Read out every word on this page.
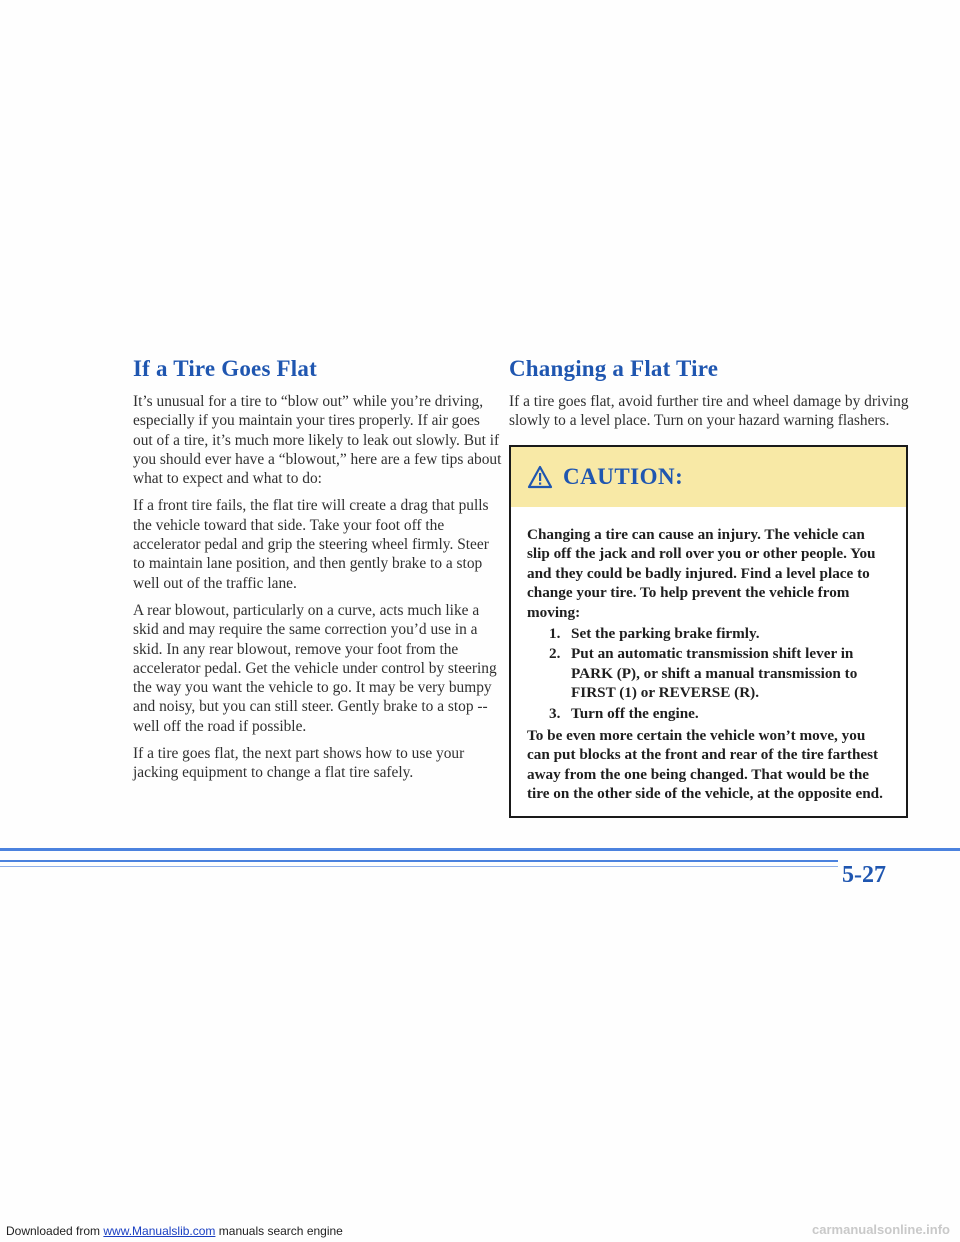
If a Tire Goes Flat

It’s unusual for a tire to “blow out” while you’re driving, especially if you maintain your tires properly. If air goes out of a tire, it’s much more likely to leak out slowly. But if you should ever have a “blowout,” here are a few tips about what to expect and what to do:

If a front tire fails, the flat tire will create a drag that pulls the vehicle toward that side. Take your foot off the accelerator pedal and grip the steering wheel firmly. Steer to maintain lane position, and then gently brake to a stop well out of the traffic lane.

A rear blowout, particularly on a curve, acts much like a skid and may require the same correction you’d use in a skid. In any rear blowout, remove your foot from the accelerator pedal. Get the vehicle under control by steering the way you want the vehicle to go. It may be very bumpy and noisy, but you can still steer. Gently brake to a stop -- well off the road if possible.

If a tire goes flat, the next part shows how to use your jacking equipment to change a flat tire safely.

Changing a Flat Tire

If a tire goes flat, avoid further tire and wheel damage by driving slowly to a level place. Turn on your hazard warning flashers.

CAUTION:

Changing a tire can cause an injury. The vehicle can slip off the jack and roll over you or other people. You and they could be badly injured. Find a level place to change your tire. To help prevent the vehicle from moving:

1. Set the parking brake firmly.
2. Put an automatic transmission shift lever in PARK (P), or shift a manual transmission to FIRST (1) or REVERSE (R).
3. Turn off the engine.

To be even more certain the vehicle won’t move, you can put blocks at the front and rear of the tire farthest away from the one being changed. That would be the tire on the other side of the vehicle, at the opposite end.

5-27
Downloaded from www.Manualslib.com manuals search engine	carmanualsonline.info
